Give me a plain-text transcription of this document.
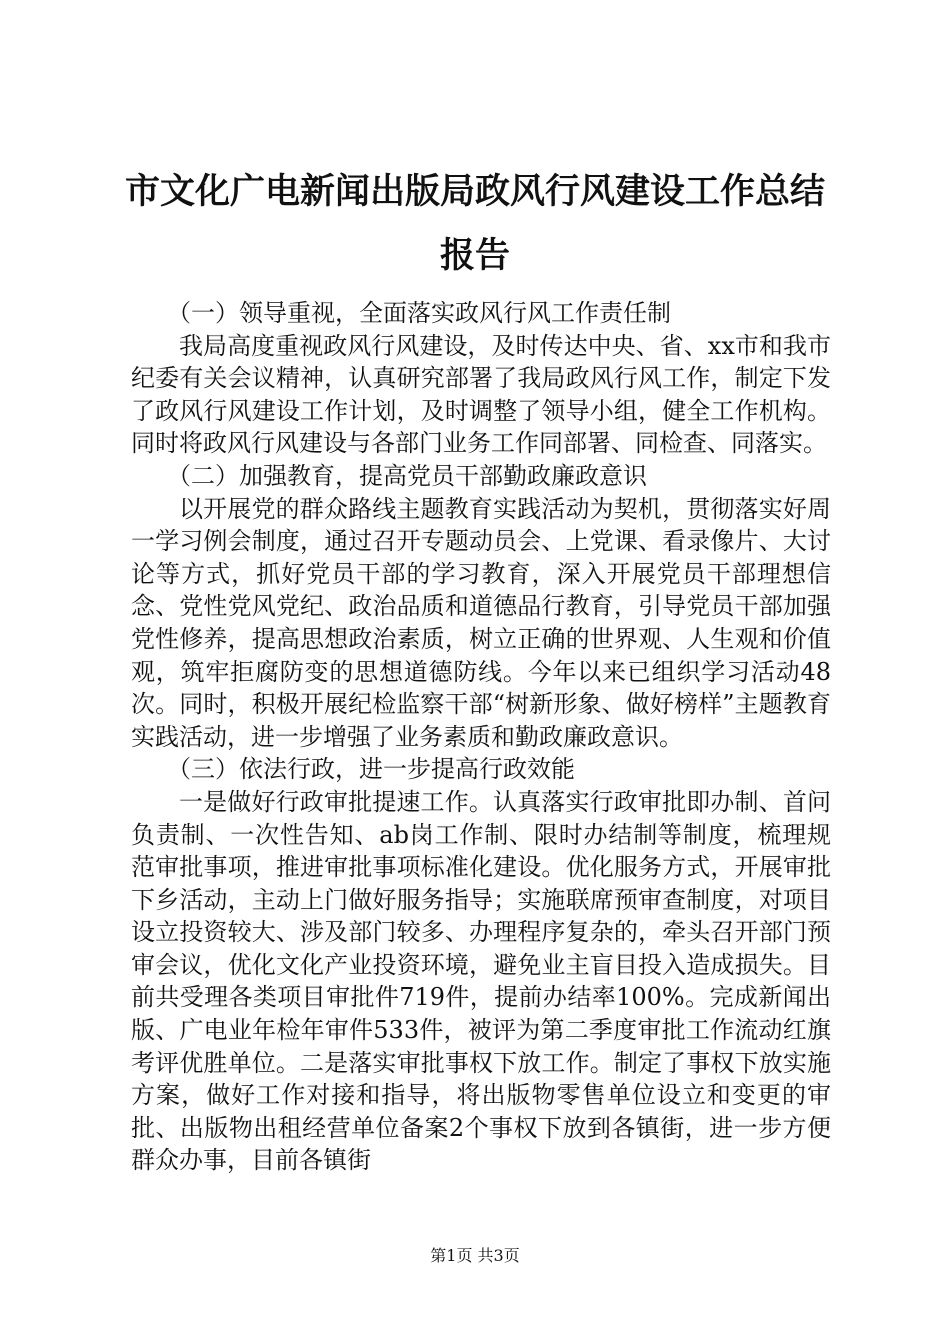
市文化广电新闻出版局政风行风建设工作总结
报告

（一）领导重视，全面落实政风行风工作责任制

我局高度重视政风行风建设，及时传达中央、省、xx市和我市纪委有关会议精神，认真研究部署了我局政风行风工作，制定下发了政风行风建设工作计划，及时调整了领导小组，健全工作机构。同时将政风行风建设与各部门业务工作同部署、同检查、同落实。

（二）加强教育，提高党员干部勤政廉政意识

以开展党的群众路线主题教育实践活动为契机，贯彻落实好周一学习例会制度，通过召开专题动员会、上党课、看录像片、大讨论等方式，抓好党员干部的学习教育，深入开展党员干部理想信念、党性党风党纪、政治品质和道德品行教育，引导党员干部加强党性修养，提高思想政治素质，树立正确的世界观、人生观和价值观，筑牢拒腐防变的思想道德防线。今年以来已组织学习活动48次。同时，积极开展纪检监察干部“树新形象、做好榜样”主题教育实践活动，进一步增强了业务素质和勤政廉政意识。

（三）依法行政，进一步提高行政效能

一是做好行政审批提速工作。认真落实行政审批即办制、首问负责制、一次性告知、ab岗工作制、限时办结制等制度，梳理规范审批事项，推进审批事项标准化建设。优化服务方式，开展审批下乡活动，主动上门做好服务指导；实施联席预审查制度，对项目设立投资较大、涉及部门较多、办理程序复杂的，牵头召开部门预审会议，优化文化产业投资环境，避免业主盲目投入造成损失。目前共受理各类项目审批件719件，提前办结率100%。完成新闻出版、广电业年检年审件533件，被评为第二季度审批工作流动红旗考评优胜单位。二是落实审批事权下放工作。制定了事权下放实施方案，做好工作对接和指导，将出版物零售单位设立和变更的审批、出版物出租经营单位备案2个事权下放到各镇街，进一步方便群众办事，目前各镇街

第1页 共3页
